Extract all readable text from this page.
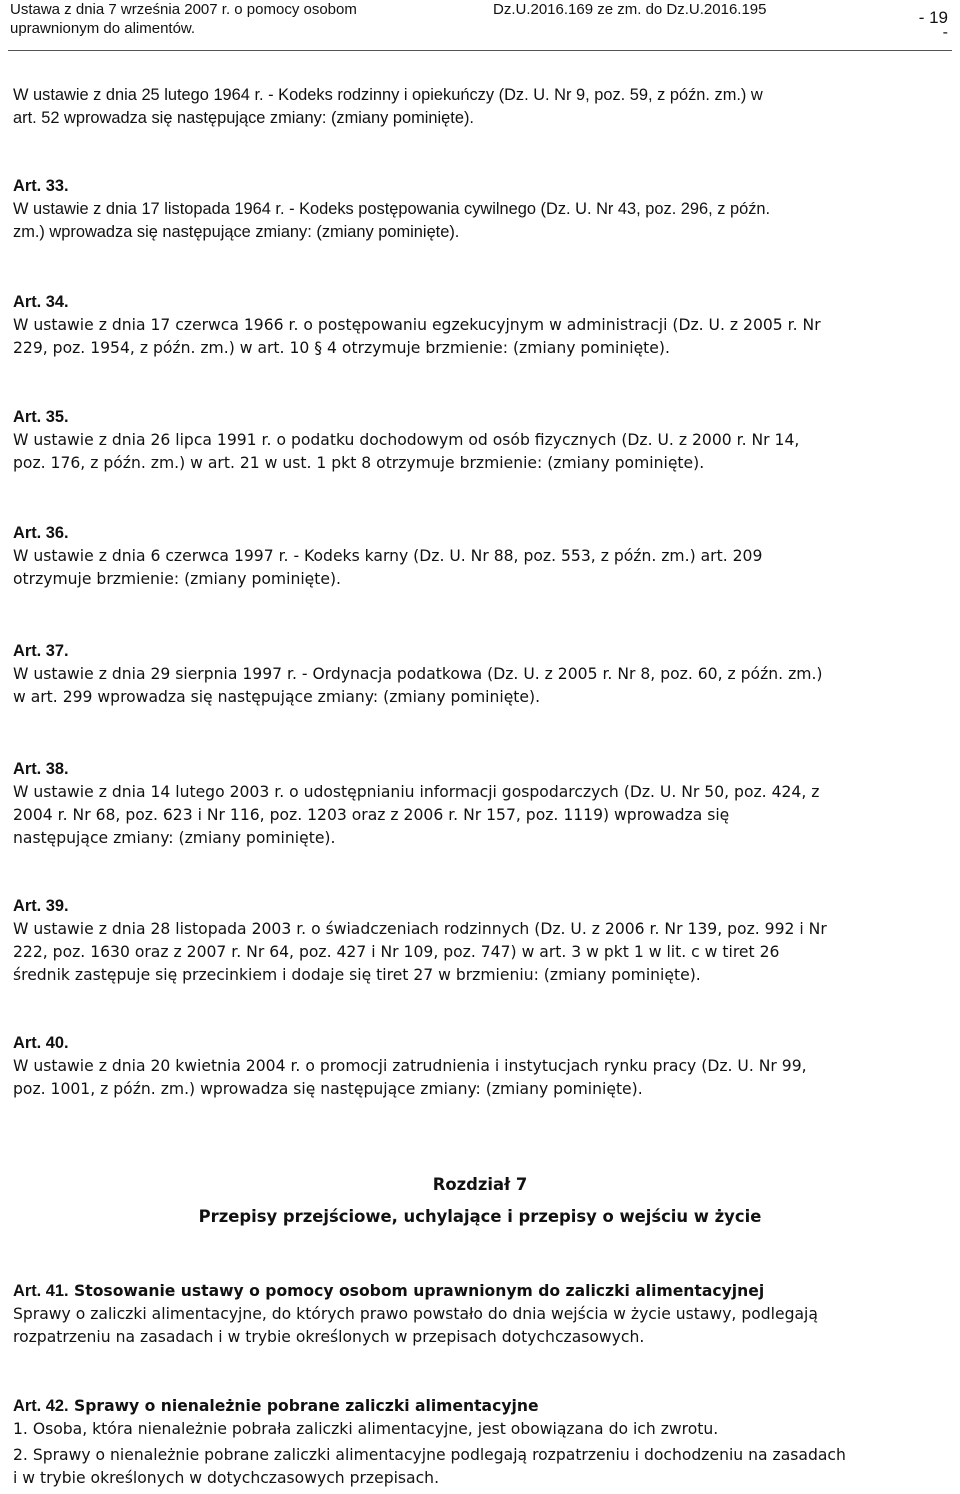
Ustawa z dnia 7 września 2007 r. o pomocy osobom
uprawnionym do alimentów.
Dz.U.2016.169 ze zm. do Dz.U.2016.195	- 19
-

W ustawie z dnia 25 lutego 1964 r. - Kodeks rodzinny i opiekuńczy (Dz. U. Nr 9, poz. 59, z późn. zm.) w

art. 52 wprowadza się następujące zmiany: (zmiany pominięte).

Art. 33.

W ustawie z dnia 17 listopada 1964 r. - Kodeks postępowania cywilnego (Dz. U. Nr 43, poz. 296, z późn.

zm.) wprowadza się następujące zmiany: (zmiany pominięte).

Art. 34.

W ustawie z dnia 17 czerwca 1966 r. o postępowaniu egzekucyjnym w administracji (Dz. U. z 2005 r. Nr

229, poz. 1954, z późn. zm.) w art. 10 § 4 otrzymuje brzmienie: (zmiany pominięte).

Art. 35.

W ustawie z dnia 26 lipca 1991 r. o podatku dochodowym od osób fizycznych (Dz. U. z 2000 r. Nr 14,

poz. 176, z późn. zm.) w art. 21 w ust. 1 pkt 8 otrzymuje brzmienie: (zmiany pominięte).

Art. 36.

W ustawie z dnia 6 czerwca 1997 r. - Kodeks karny (Dz. U. Nr 88, poz. 553, z późn. zm.) art. 209

otrzymuje brzmienie: (zmiany pominięte).

Art. 37.

W ustawie z dnia 29 sierpnia 1997 r. - Ordynacja podatkowa (Dz. U. z 2005 r. Nr 8, poz. 60, z późn. zm.)

w art. 299 wprowadza się następujące zmiany: (zmiany pominięte).

Art. 38.

W ustawie z dnia 14 lutego 2003 r. o udostępnianiu informacji gospodarczych (Dz. U. Nr 50, poz. 424, z

2004 r. Nr 68, poz. 623 i Nr 116, poz. 1203 oraz z 2006 r. Nr 157, poz. 1119) wprowadza się

następujące zmiany: (zmiany pominięte).

Art. 39.

W ustawie z dnia 28 listopada 2003 r. o świadczeniach rodzinnych (Dz. U. z 2006 r. Nr 139, poz. 992 i Nr

222, poz. 1630 oraz z 2007 r. Nr 64, poz. 427 i Nr 109, poz. 747) w art. 3 w pkt 1 w lit. c w tiret 26

średnik zastępuje się przecinkiem i dodaje się tiret 27 w brzmieniu: (zmiany pominięte).

Art. 40.

W ustawie z dnia 20 kwietnia 2004 r. o promocji zatrudnienia i instytucjach rynku pracy (Dz. U. Nr 99,

poz. 1001, z późn. zm.) wprowadza się następujące zmiany: (zmiany pominięte).

Rozdział 7
Przepisy przejściowe, uchylające i przepisy o wejściu w życie

Art. 41. Stosowanie ustawy o pomocy osobom uprawnionym do zaliczki alimentacyjnej

Sprawy o zaliczki alimentacyjne, do których prawo powstało do dnia wejścia w życie ustawy, podlegają

rozpatrzeniu na zasadach i w trybie określonych w przepisach dotychczasowych.

Art. 42. Sprawy o nienależnie pobrane zaliczki alimentacyjne

1. Osoba, która nienależnie pobrała zaliczki alimentacyjne, jest obowiązana do ich zwrotu.

2. Sprawy o nienależnie pobrane zaliczki alimentacyjne podlegają rozpatrzeniu i dochodzeniu na zasadach

i w trybie określonych w dotychczasowych przepisach.
